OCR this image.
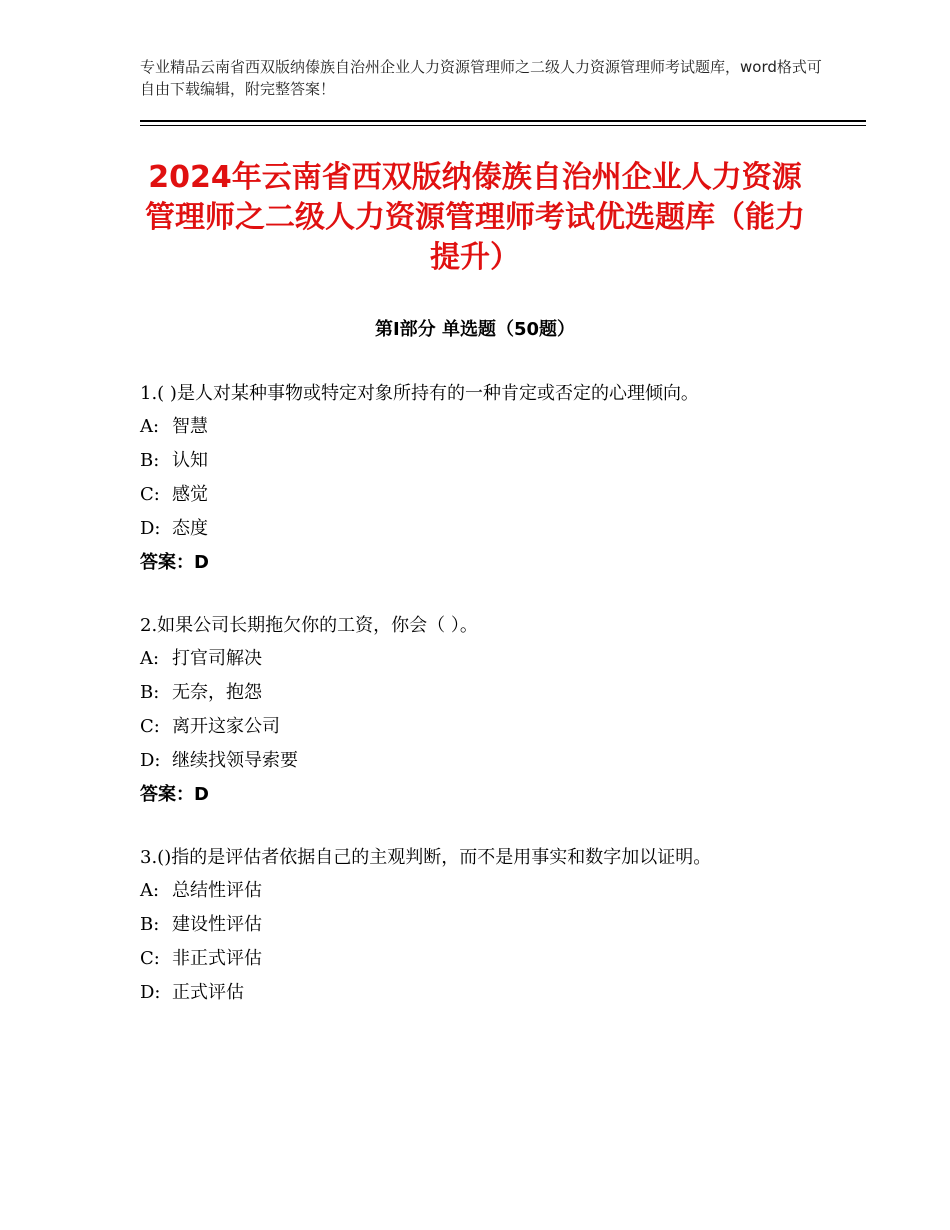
专业精品云南省西双版纳傣族自治州企业人力资源管理师之二级人力资源管理师考试题库，word格式可自由下载编辑，附完整答案！
2024年云南省西双版纳傣族自治州企业人力资源管理师之二级人力资源管理师考试优选题库（能力提升）
第Ⅰ部分 单选题（50题）
1.( )是人对某种事物或特定对象所持有的一种肯定或否定的心理倾向。
A: 智慧
B: 认知
C: 感觉
D: 态度
答案：D
2.如果公司长期拖欠你的工资，你会（ ）。
A: 打官司解决
B: 无奈，抱怨
C: 离开这家公司
D: 继续找领导索要
答案：D
3.()指的是评估者依据自己的主观判断，而不是用事实和数字加以证明。
A: 总结性评估
B: 建设性评估
C: 非正式评估
D: 正式评估
